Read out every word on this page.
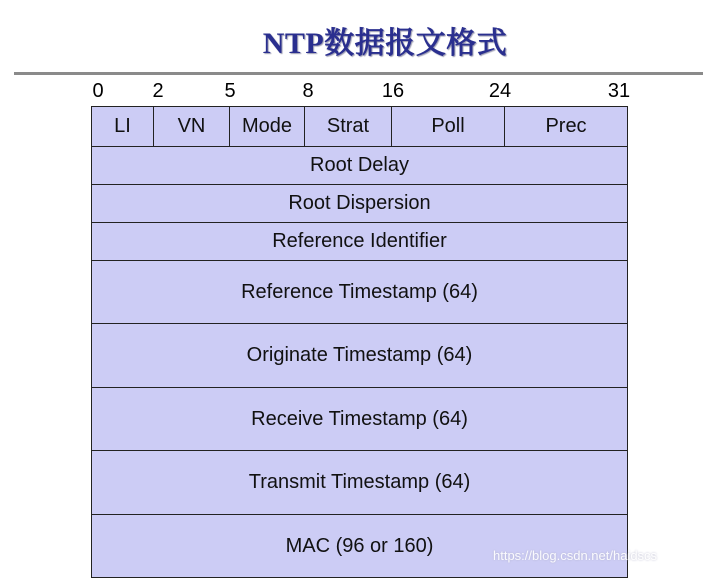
NTP数据报文格式
0 2	5	8	16	24	31
LI	VN	Mode	Strat	Poll	Prec
Root Delay
Root Dispersion
Reference Identifier
Reference Timestamp (64)
Originate Timestamp (64)
Receive Timestamp (64)
Transmit Timestamp (64)
MAC (96 or 160)	https://blog.csdn.net/haidscs
